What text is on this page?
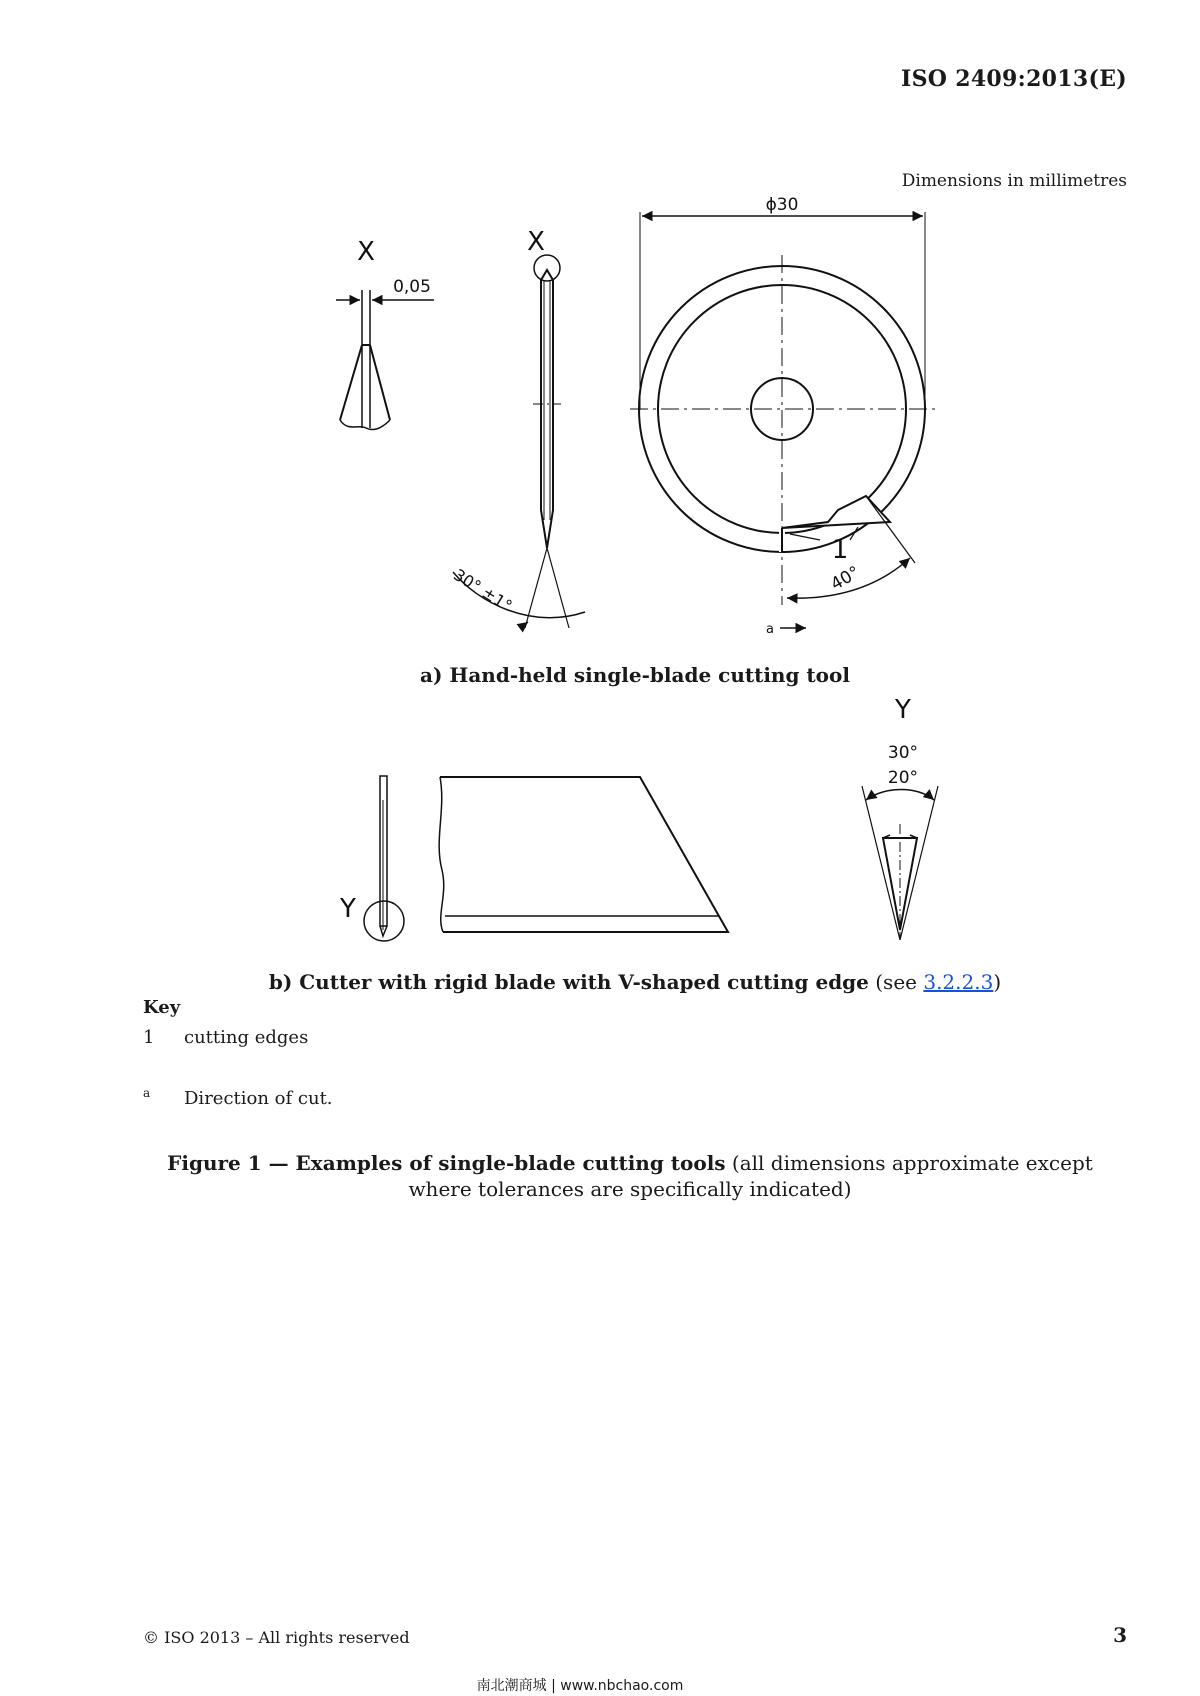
ISO 2409:2013(E)
Dimensions in millimetres
X
0,05
X
30° ±1°
ϕ30
1
40°
a
Y
Y
30°
20°
a) Hand-held single-blade cutting tool
b) Cutter with rigid blade with V-shaped cutting edge (see 3.2.2.3)
Key
1 cutting edges
a Direction of cut.
Figure 1 — Examples of single-blade cutting tools (all dimensions approximate except where tolerances are specifically indicated)
© ISO 2013 – All rights reserved	3
南北潮商城 | www.nbchao.com
